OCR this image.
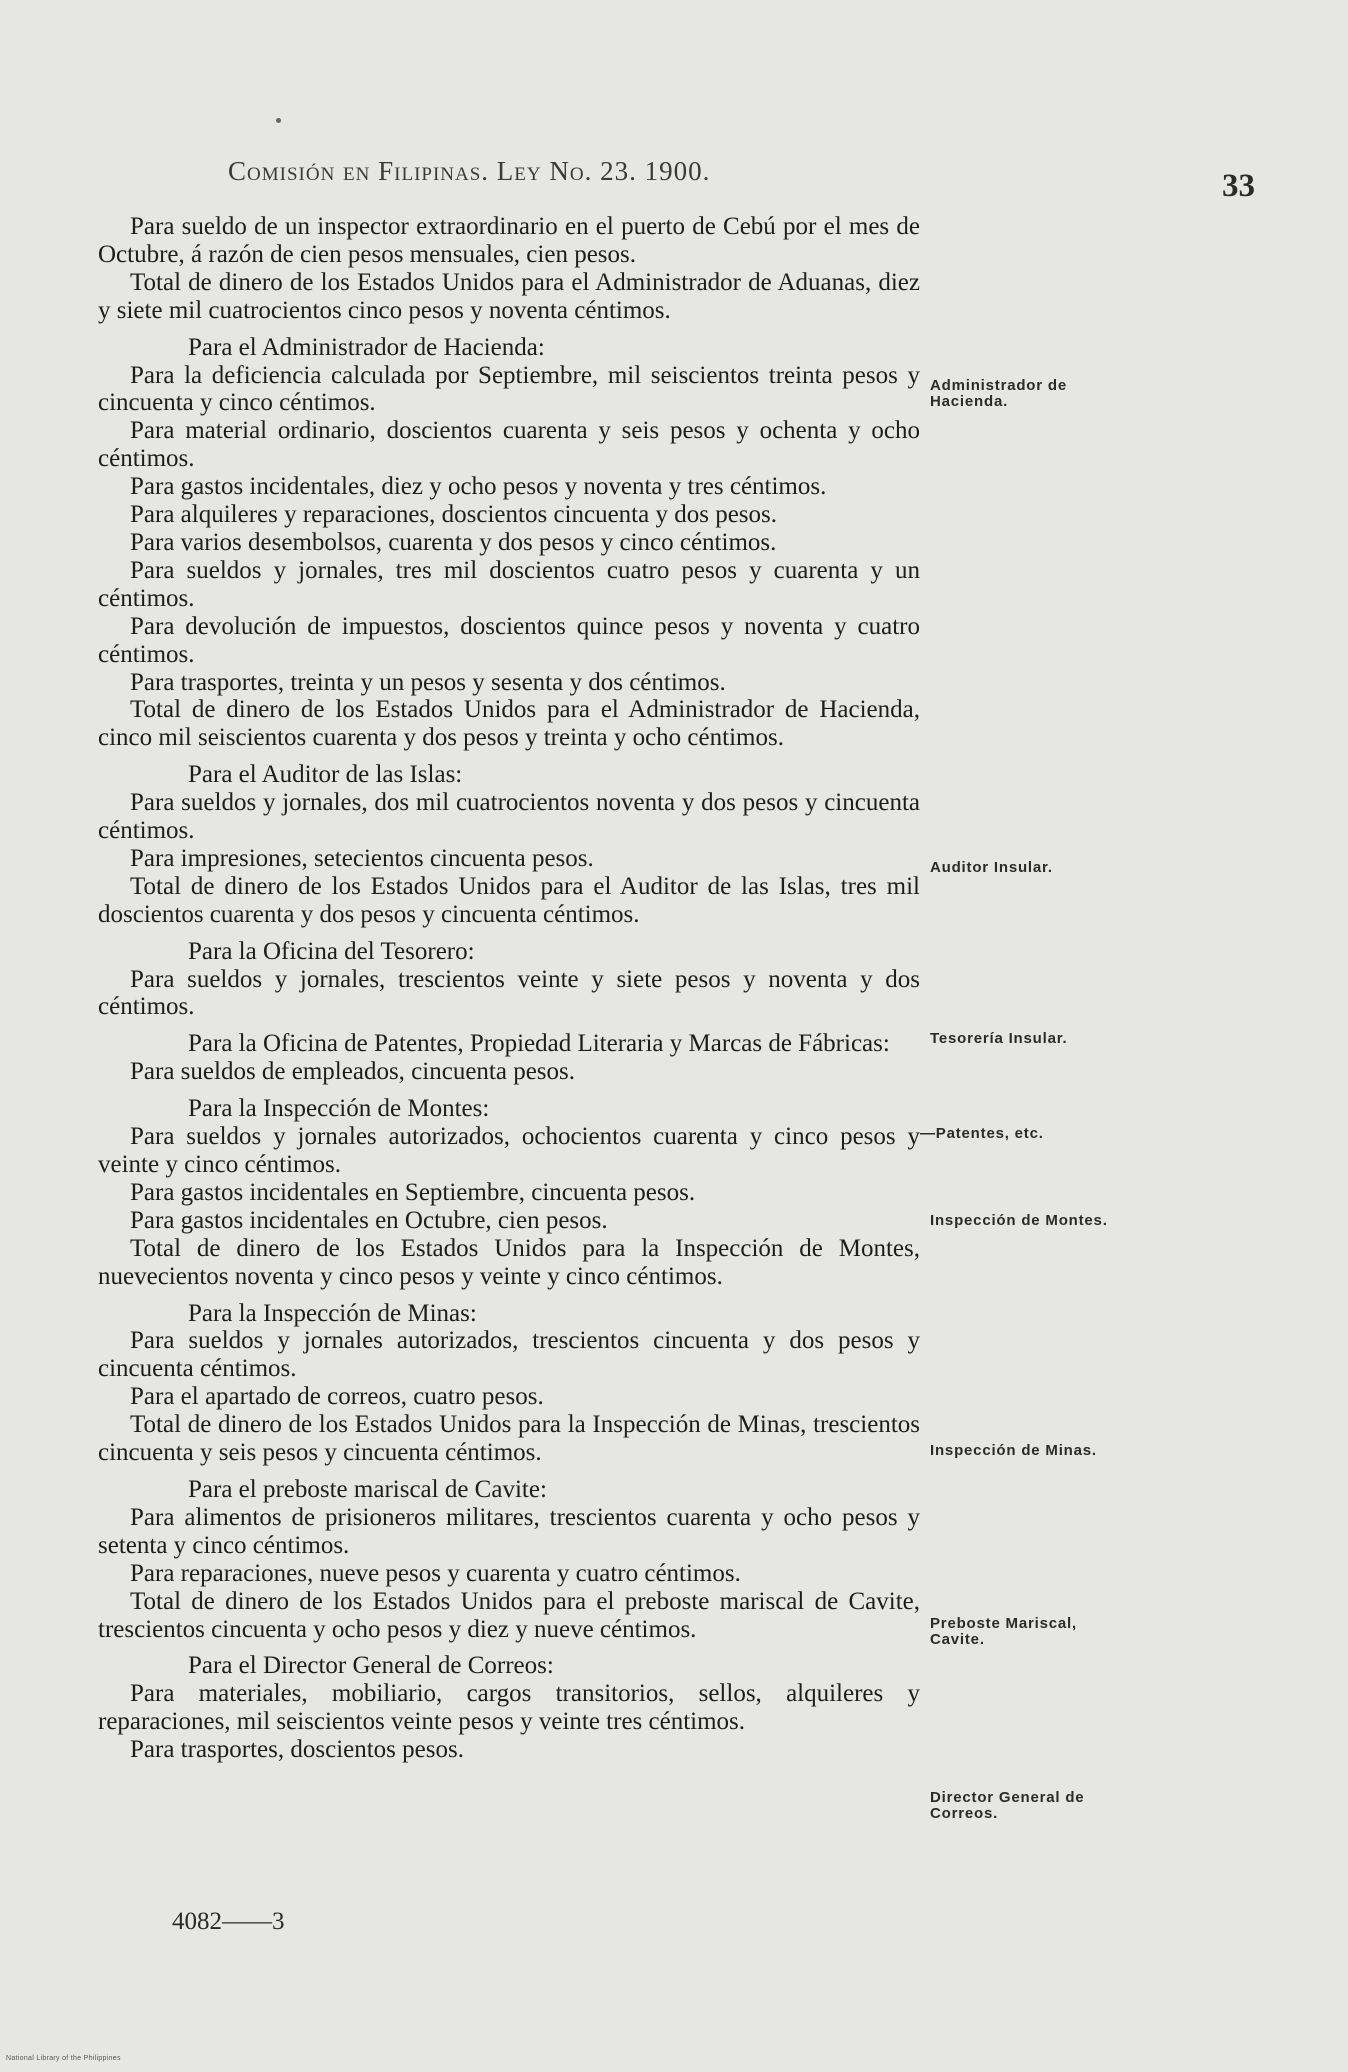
Comisión en Filipinas. Ley No. 23. 1900.	33

Para sueldo de un inspector extraordinario en el puerto de Cebú por el mes de Octubre, á razón de cien pesos mensuales, cien pesos.

Total de dinero de los Estados Unidos para el Administrador de Aduanas, diez y siete mil cuatrocientos cinco pesos y noventa céntimos.

Para el Administrador de Hacienda:

Para la deficiencia calculada por Septiembre, mil seiscientos treinta pesos y cincuenta y cinco céntimos.

Para material ordinario, doscientos cuarenta y seis pesos y ochenta y ocho céntimos.

Para gastos incidentales, diez y ocho pesos y noventa y tres céntimos.

Para alquileres y reparaciones, doscientos cincuenta y dos pesos.

Para varios desembolsos, cuarenta y dos pesos y cinco céntimos.

Para sueldos y jornales, tres mil doscientos cuatro pesos y cuarenta y un céntimos.

Para devolución de impuestos, doscientos quince pesos y noventa y cuatro céntimos.

Para trasportes, treinta y un pesos y sesenta y dos céntimos.

Total de dinero de los Estados Unidos para el Administrador de Hacienda, cinco mil seiscientos cuarenta y dos pesos y treinta y ocho céntimos.

Para el Auditor de las Islas:

Para sueldos y jornales, dos mil cuatrocientos noventa y dos pesos y cincuenta céntimos.

Para impresiones, setecientos cincuenta pesos.

Total de dinero de los Estados Unidos para el Auditor de las Islas, tres mil doscientos cuarenta y dos pesos y cincuenta céntimos.

Para la Oficina del Tesorero:

Para sueldos y jornales, trescientos veinte y siete pesos y noventa y dos céntimos.

Para la Oficina de Patentes, Propiedad Literaria y Marcas de Fábricas:

Para sueldos de empleados, cincuenta pesos.

Para la Inspección de Montes:

Para sueldos y jornales autorizados, ochocientos cuarenta y cinco pesos y veinte y cinco céntimos.

Para gastos incidentales en Septiembre, cincuenta pesos.

Para gastos incidentales en Octubre, cien pesos.

Total de dinero de los Estados Unidos para la Inspección de Montes, nuevecientos noventa y cinco pesos y veinte y cinco céntimos.

Para la Inspección de Minas:

Para sueldos y jornales autorizados, trescientos cincuenta y dos pesos y cincuenta céntimos.

Para el apartado de correos, cuatro pesos.

Total de dinero de los Estados Unidos para la Inspección de Minas, trescientos cincuenta y seis pesos y cincuenta céntimos.

Para el preboste mariscal de Cavite:

Para alimentos de prisioneros militares, trescientos cuarenta y ocho pesos y setenta y cinco céntimos.

Para reparaciones, nueve pesos y cuarenta y cuatro céntimos.

Total de dinero de los Estados Unidos para el preboste mariscal de Cavite, trescientos cincuenta y ocho pesos y diez y nueve céntimos.

Para el Director General de Correos:

Para materiales, mobiliario, cargos transitorios, sellos, alquileres y reparaciones, mil seiscientos veinte pesos y veinte tres céntimos.

Para trasportes, doscientos pesos.

Administrador de Hacienda.
Auditor Insular.
Tesorería Insular.
—Patentes, etc.
Inspección de Montes.
Inspección de Minas.
Preboste Mariscal, Cavite.
Director General de Correos.
4082——3
National Library of the Philippines
